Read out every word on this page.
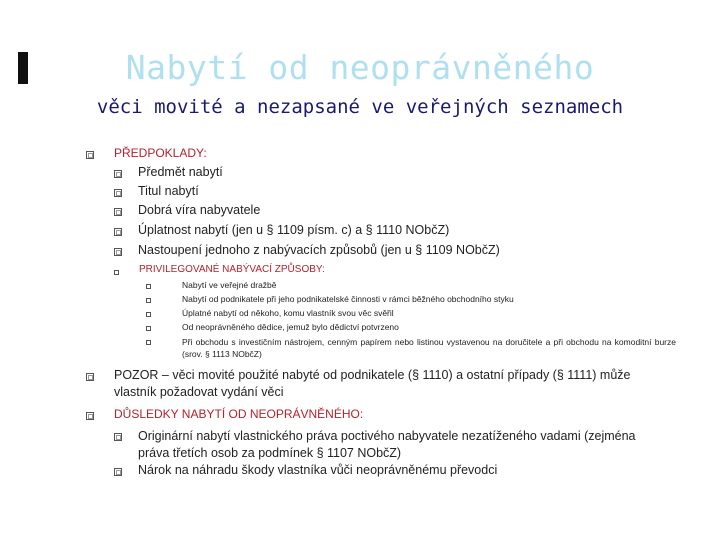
Nabytí od neoprávněného
věci movité a nezapsané ve veřejných seznamech
PŘEDPOKLADY:
Předmět nabytí
Titul nabytí
Dobrá víra nabyvatele
Úplatnost nabytí (jen u § 1109 písm. c) a § 1110 NObčZ)
Nastoupení jednoho z nabývacích způsobů (jen u § 1109 NObčZ)
PRIVILEGOVANÉ NABÝVACÍ ZPŮSOBY:
Nabytí ve veřejné dražbě
Nabytí od podnikatele při jeho podnikatelské činnosti v rámci běžného obchodního styku
Úplatné nabytí od někoho, komu vlastník svou věc svěřil
Od neoprávněného dědice, jemuž bylo dědictví potvrzeno
Při obchodu s investičním nástrojem, cenným papírem nebo listinou vystavenou na doručitele a při obchodu na komoditní burze (srov. § 1113 NObčZ)
POZOR – věci movité použité nabyté od podnikatele (§ 1110) a ostatní případy (§ 1111) může vlastník požadovat vydání věci
DŮSLEDKY NABYTÍ OD NEOPRÁVNĚNÉHO:
Originární nabytí vlastnického práva poctivého nabyvatele nezatíženého vadami (zejména práva třetích osob za podmínek § 1107 NObčZ)
Nárok na náhradu škody vlastníka vůči neoprávněnému převodci
